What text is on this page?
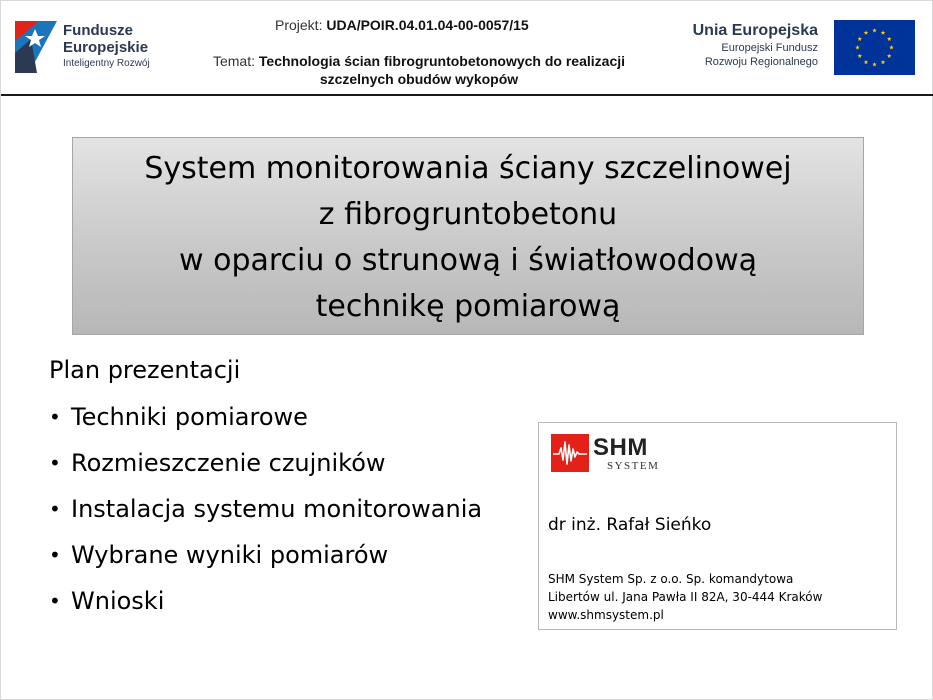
Fundusze
Europejskie
Inteligentny Rozwój
Projekt: UDA/POIR.04.01.04-00-0057/15
Temat: Technologia ścian fibrogruntobetonowych do realizacji szczelnych obudów wykopów
Unia Europejska
Europejski Fundusz
Rozwoju Regionalnego
System monitorowania ściany szczelinowej
z fibrogruntobetonu
w oparciu o strunową i światłowodową
technikę pomiarową
Plan prezentacji
• Techniki pomiarowe
• Rozmieszczenie czujników
• Instalacja systemu monitorowania
• Wybrane wyniki pomiarów
• Wnioski
SHM
SYSTEM
dr inż. Rafał Sieńko
SHM System Sp. z o.o. Sp. komandytowa
Libertów ul. Jana Pawła II 82A, 30-444 Kraków
www.shmsystem.pl
